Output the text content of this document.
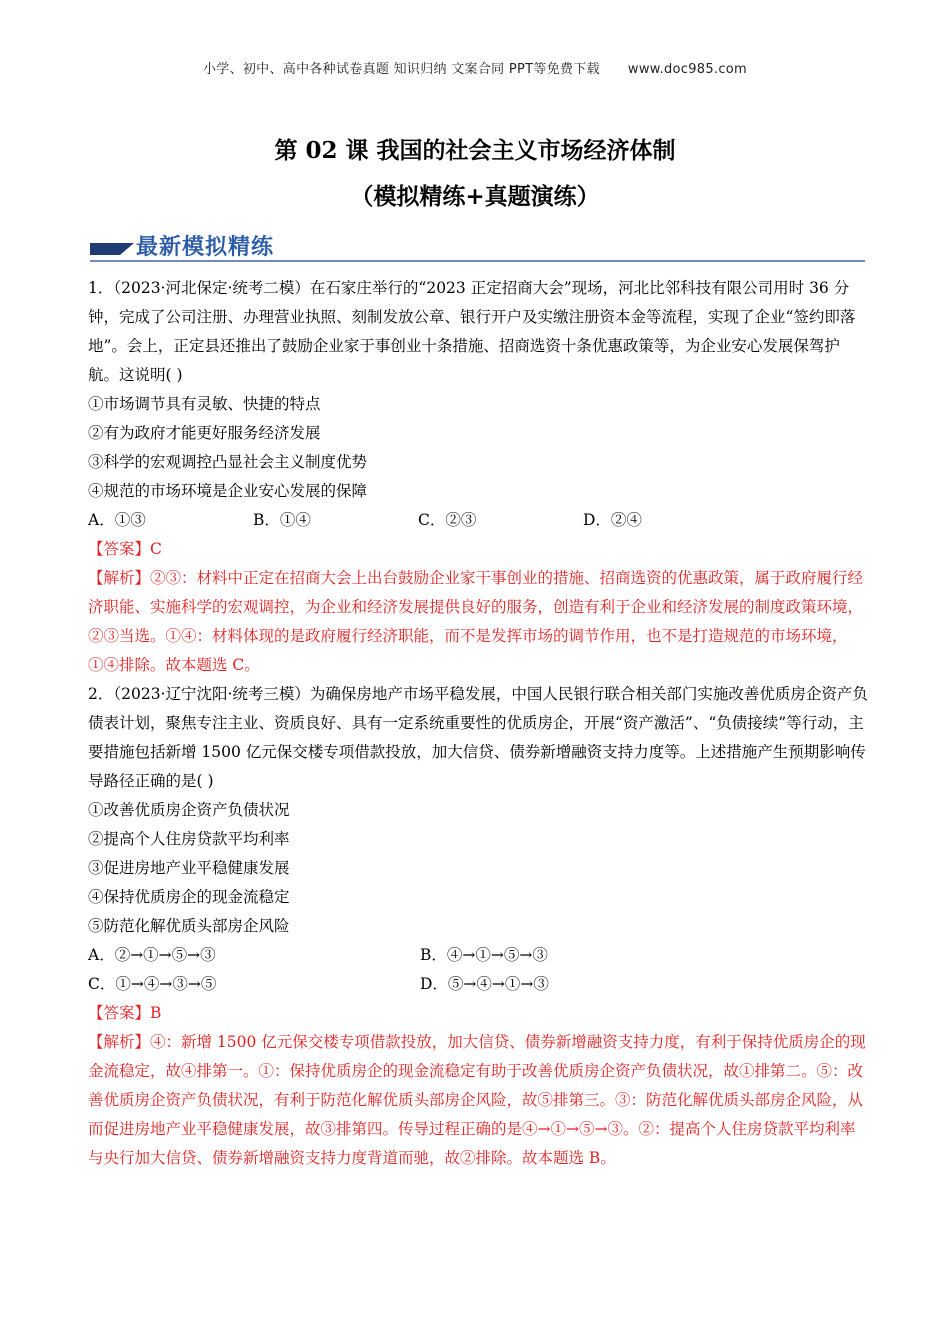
小学、初中、高中各种试卷真题 知识归纳 文案合同 PPT等免费下载 www.doc985.com
第 02 课 我国的社会主义市场经济体制
（模拟精练+真题演练）
最新模拟精练

1．（2023·河北保定·统考二模）在石家庄举行的“2023 正定招商大会”现场，河北比邻科技有限公司用时 36 分钟，完成了公司注册、办理营业执照、刻制发放公章、银行开户及实缴注册资本金等流程，实现了企业“签约即落地”。会上，正定县还推出了鼓励企业家于事创业十条措施、招商选资十条优惠政策等，为企业安心发展保驾护航。这说明( )

①市场调节具有灵敏、快捷的特点

②有为政府才能更好服务经济发展

③科学的宏观调控凸显社会主义制度优势

④规范的市场环境是企业安心发展的保障

A．①③	B．①④	C．②③	D．②④

【答案】C

【解析】②③：材料中正定在招商大会上出台鼓励企业家干事创业的措施、招商选资的优惠政策，属于政府履行经济职能、实施科学的宏观调控，为企业和经济发展提供良好的服务，创造有利于企业和经济发展的制度政策环境，②③当选。①④：材料体现的是政府履行经济职能，而不是发挥市场的调节作用，也不是打造规范的市场环境，①④排除。故本题选 C。

2．（2023·辽宁沈阳·统考三模）为确保房地产市场平稳发展，中国人民银行联合相关部门实施改善优质房企资产负债表计划，聚焦专注主业、资质良好、具有一定系统重要性的优质房企，开展“资产激活”、“负债接续”等行动，主要措施包括新增 1500 亿元保交楼专项借款投放，加大信贷、债券新增融资支持力度等。上述措施产生预期影响传导路径正确的是( )

①改善优质房企资产负债状况

②提高个人住房贷款平均利率

③促进房地产业平稳健康发展

④保持优质房企的现金流稳定

⑤防范化解优质头部房企风险

A．②→①→⑤→③	B．④→①→⑤→③
C．①→④→③→⑤	D．⑤→④→①→③

【答案】B

【解析】④：新增 1500 亿元保交楼专项借款投放，加大信贷、债券新增融资支持力度，有利于保持优质房企的现金流稳定，故④排第一。①：保持优质房企的现金流稳定有助于改善优质房企资产负债状况，故①排第二。⑤：改善优质房企资产负债状况，有利于防范化解优质头部房企风险，故⑤排第三。③：防范化解优质头部房企风险，从而促进房地产业平稳健康发展，故③排第四。传导过程正确的是④→①→⑤→③。②：提高个人住房贷款平均利率与央行加大信贷、债券新增融资支持力度背道而驰，故②排除。故本题选 B。
